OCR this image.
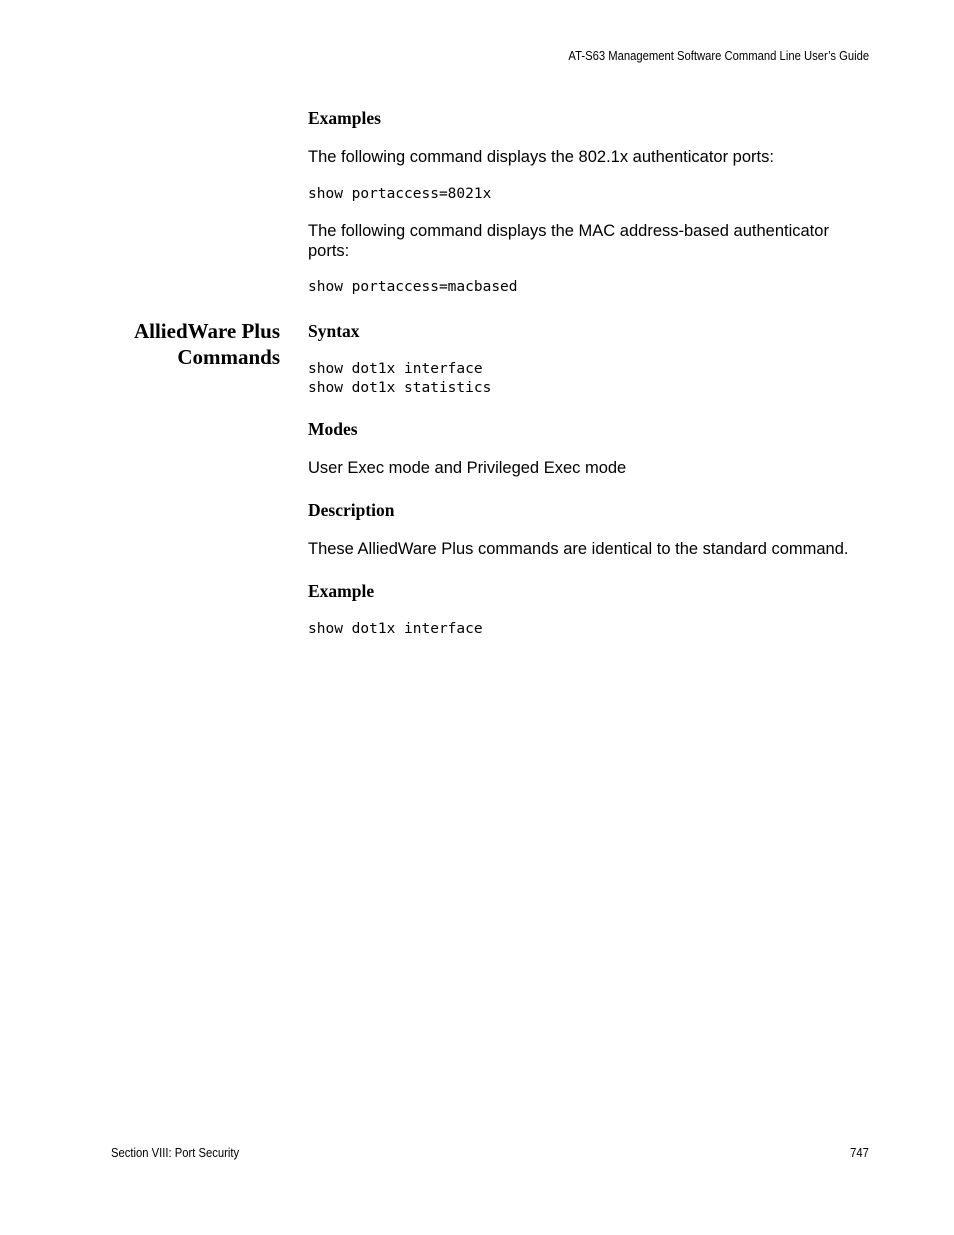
AT-S63 Management Software Command Line User’s Guide
Examples
The following command displays the 802.1x authenticator ports:
show portaccess=8021x
The following command displays the MAC address-based authenticator
ports:
show portaccess=macbased
AlliedWare Plus
Commands
Syntax
show dot1x interface
show dot1x statistics
Modes
User Exec mode and Privileged Exec mode
Description
These AlliedWare Plus commands are identical to the standard command.
Example
show dot1x interface
Section VIII: Port Security	747
